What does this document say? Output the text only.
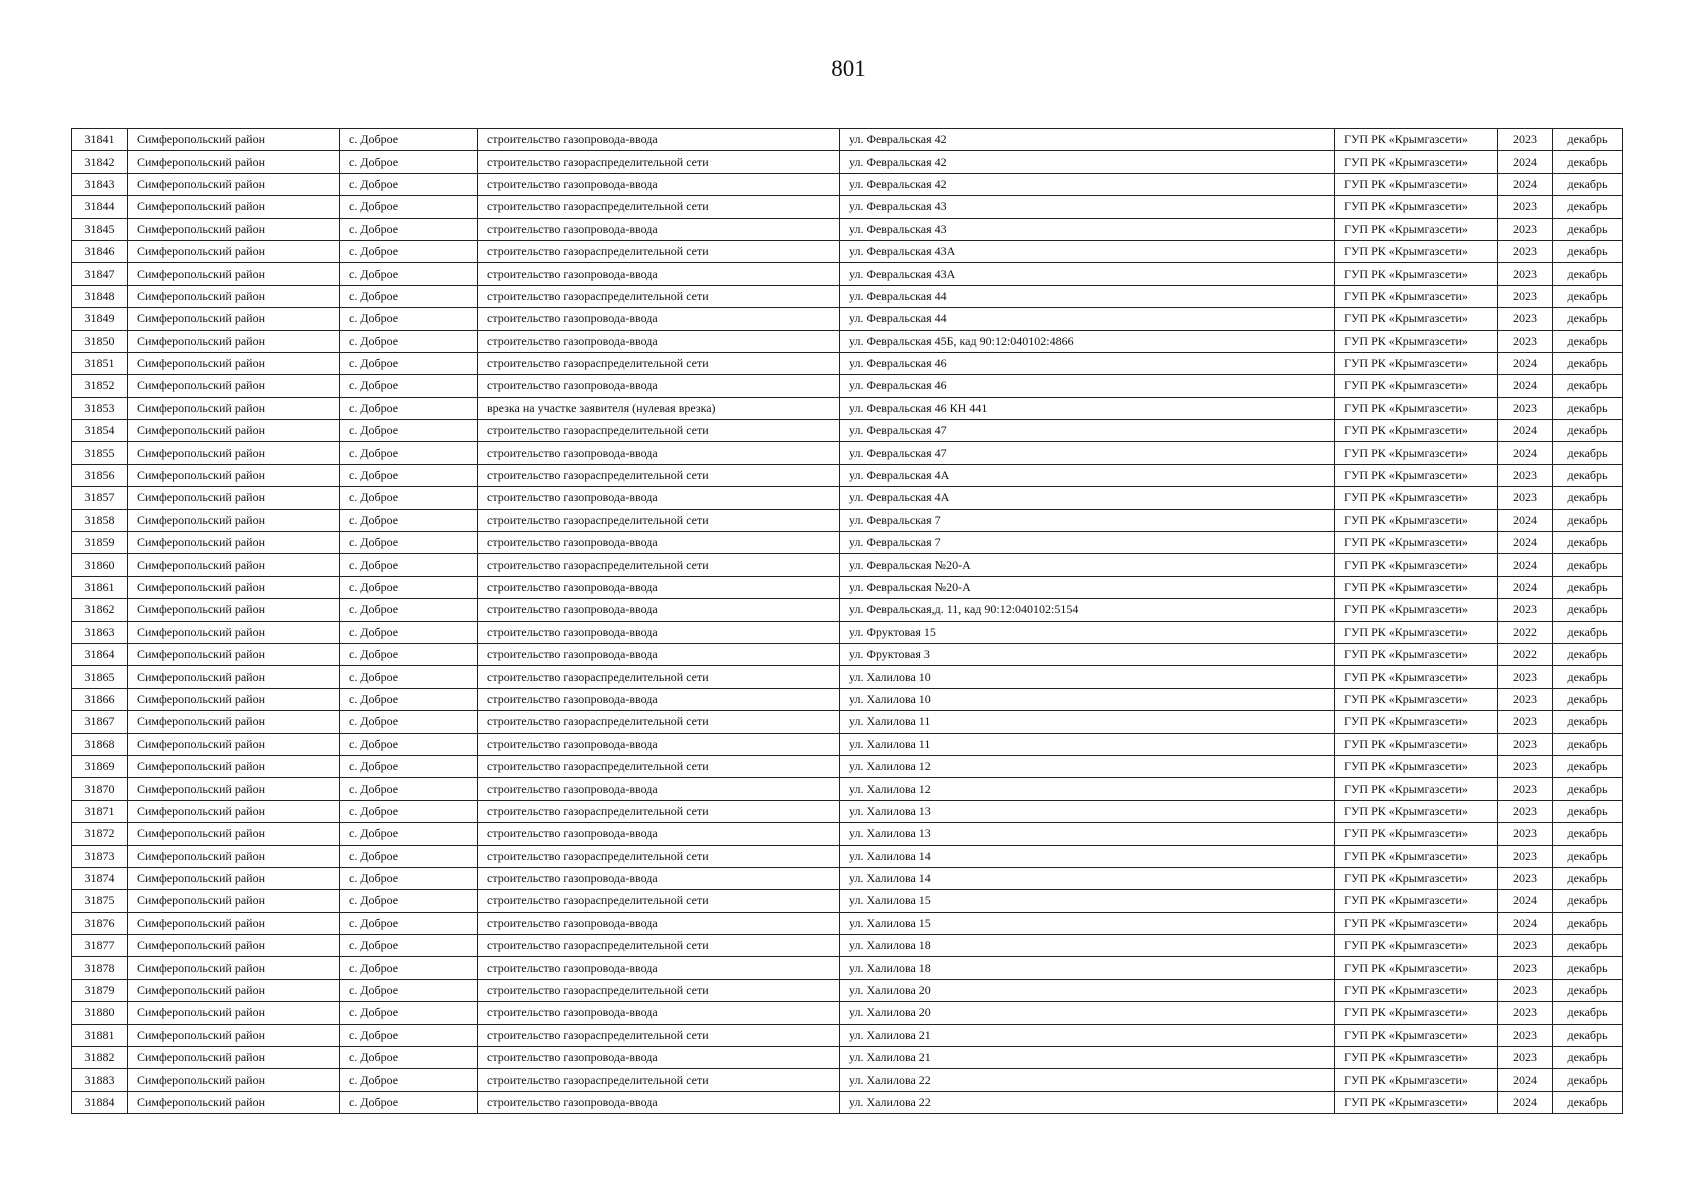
801
31841	Симферопольский район	с. Доброе	строительство газопровода-ввода	ул. Февральская 42	ГУП РК «Крымгазсети»	2023	декабрь
31842	Симферопольский район	с. Доброе	строительство газораспределительной сети	ул. Февральская 42	ГУП РК «Крымгазсети»	2024	декабрь
31843	Симферопольский район	с. Доброе	строительство газопровода-ввода	ул. Февральская 42	ГУП РК «Крымгазсети»	2024	декабрь
31844	Симферопольский район	с. Доброе	строительство газораспределительной сети	ул. Февральская 43	ГУП РК «Крымгазсети»	2023	декабрь
31845	Симферопольский район	с. Доброе	строительство газопровода-ввода	ул. Февральская 43	ГУП РК «Крымгазсети»	2023	декабрь
31846	Симферопольский район	с. Доброе	строительство газораспределительной сети	ул. Февральская 43А	ГУП РК «Крымгазсети»	2023	декабрь
31847	Симферопольский район	с. Доброе	строительство газопровода-ввода	ул. Февральская 43А	ГУП РК «Крымгазсети»	2023	декабрь
31848	Симферопольский район	с. Доброе	строительство газораспределительной сети	ул. Февральская 44	ГУП РК «Крымгазсети»	2023	декабрь
31849	Симферопольский район	с. Доброе	строительство газопровода-ввода	ул. Февральская 44	ГУП РК «Крымгазсети»	2023	декабрь
31850	Симферопольский район	с. Доброе	строительство газопровода-ввода	ул. Февральская 45Б, кад 90:12:040102:4866	ГУП РК «Крымгазсети»	2023	декабрь
31851	Симферопольский район	с. Доброе	строительство газораспределительной сети	ул. Февральская 46	ГУП РК «Крымгазсети»	2024	декабрь
31852	Симферопольский район	с. Доброе	строительство газопровода-ввода	ул. Февральская 46	ГУП РК «Крымгазсети»	2024	декабрь
31853	Симферопольский район	с. Доброе	врезка на участке заявителя (нулевая врезка)	ул. Февральская 46 КН 441	ГУП РК «Крымгазсети»	2023	декабрь
31854	Симферопольский район	с. Доброе	строительство газораспределительной сети	ул. Февральская 47	ГУП РК «Крымгазсети»	2024	декабрь
31855	Симферопольский район	с. Доброе	строительство газопровода-ввода	ул. Февральская 47	ГУП РК «Крымгазсети»	2024	декабрь
31856	Симферопольский район	с. Доброе	строительство газораспределительной сети	ул. Февральская 4А	ГУП РК «Крымгазсети»	2023	декабрь
31857	Симферопольский район	с. Доброе	строительство газопровода-ввода	ул. Февральская 4А	ГУП РК «Крымгазсети»	2023	декабрь
31858	Симферопольский район	с. Доброе	строительство газораспределительной сети	ул. Февральская 7	ГУП РК «Крымгазсети»	2024	декабрь
31859	Симферопольский район	с. Доброе	строительство газопровода-ввода	ул. Февральская 7	ГУП РК «Крымгазсети»	2024	декабрь
31860	Симферопольский район	с. Доброе	строительство газораспределительной сети	ул. Февральская №20-А	ГУП РК «Крымгазсети»	2024	декабрь
31861	Симферопольский район	с. Доброе	строительство газопровода-ввода	ул. Февральская №20-А	ГУП РК «Крымгазсети»	2024	декабрь
31862	Симферопольский район	с. Доброе	строительство газопровода-ввода	ул. Февральская,д. 11, кад 90:12:040102:5154	ГУП РК «Крымгазсети»	2023	декабрь
31863	Симферопольский район	с. Доброе	строительство газопровода-ввода	ул. Фруктовая 15	ГУП РК «Крымгазсети»	2022	декабрь
31864	Симферопольский район	с. Доброе	строительство газопровода-ввода	ул. Фруктовая 3	ГУП РК «Крымгазсети»	2022	декабрь
31865	Симферопольский район	с. Доброе	строительство газораспределительной сети	ул. Халилова 10	ГУП РК «Крымгазсети»	2023	декабрь
31866	Симферопольский район	с. Доброе	строительство газопровода-ввода	ул. Халилова 10	ГУП РК «Крымгазсети»	2023	декабрь
31867	Симферопольский район	с. Доброе	строительство газораспределительной сети	ул. Халилова 11	ГУП РК «Крымгазсети»	2023	декабрь
31868	Симферопольский район	с. Доброе	строительство газопровода-ввода	ул. Халилова 11	ГУП РК «Крымгазсети»	2023	декабрь
31869	Симферопольский район	с. Доброе	строительство газораспределительной сети	ул. Халилова 12	ГУП РК «Крымгазсети»	2023	декабрь
31870	Симферопольский район	с. Доброе	строительство газопровода-ввода	ул. Халилова 12	ГУП РК «Крымгазсети»	2023	декабрь
31871	Симферопольский район	с. Доброе	строительство газораспределительной сети	ул. Халилова 13	ГУП РК «Крымгазсети»	2023	декабрь
31872	Симферопольский район	с. Доброе	строительство газопровода-ввода	ул. Халилова 13	ГУП РК «Крымгазсети»	2023	декабрь
31873	Симферопольский район	с. Доброе	строительство газораспределительной сети	ул. Халилова 14	ГУП РК «Крымгазсети»	2023	декабрь
31874	Симферопольский район	с. Доброе	строительство газопровода-ввода	ул. Халилова 14	ГУП РК «Крымгазсети»	2023	декабрь
31875	Симферопольский район	с. Доброе	строительство газораспределительной сети	ул. Халилова 15	ГУП РК «Крымгазсети»	2024	декабрь
31876	Симферопольский район	с. Доброе	строительство газопровода-ввода	ул. Халилова 15	ГУП РК «Крымгазсети»	2024	декабрь
31877	Симферопольский район	с. Доброе	строительство газораспределительной сети	ул. Халилова 18	ГУП РК «Крымгазсети»	2023	декабрь
31878	Симферопольский район	с. Доброе	строительство газопровода-ввода	ул. Халилова 18	ГУП РК «Крымгазсети»	2023	декабрь
31879	Симферопольский район	с. Доброе	строительство газораспределительной сети	ул. Халилова 20	ГУП РК «Крымгазсети»	2023	декабрь
31880	Симферопольский район	с. Доброе	строительство газопровода-ввода	ул. Халилова 20	ГУП РК «Крымгазсети»	2023	декабрь
31881	Симферопольский район	с. Доброе	строительство газораспределительной сети	ул. Халилова 21	ГУП РК «Крымгазсети»	2023	декабрь
31882	Симферопольский район	с. Доброе	строительство газопровода-ввода	ул. Халилова 21	ГУП РК «Крымгазсети»	2023	декабрь
31883	Симферопольский район	с. Доброе	строительство газораспределительной сети	ул. Халилова 22	ГУП РК «Крымгазсети»	2024	декабрь
31884	Симферопольский район	с. Доброе	строительство газопровода-ввода	ул. Халилова 22	ГУП РК «Крымгазсети»	2024	декабрь
